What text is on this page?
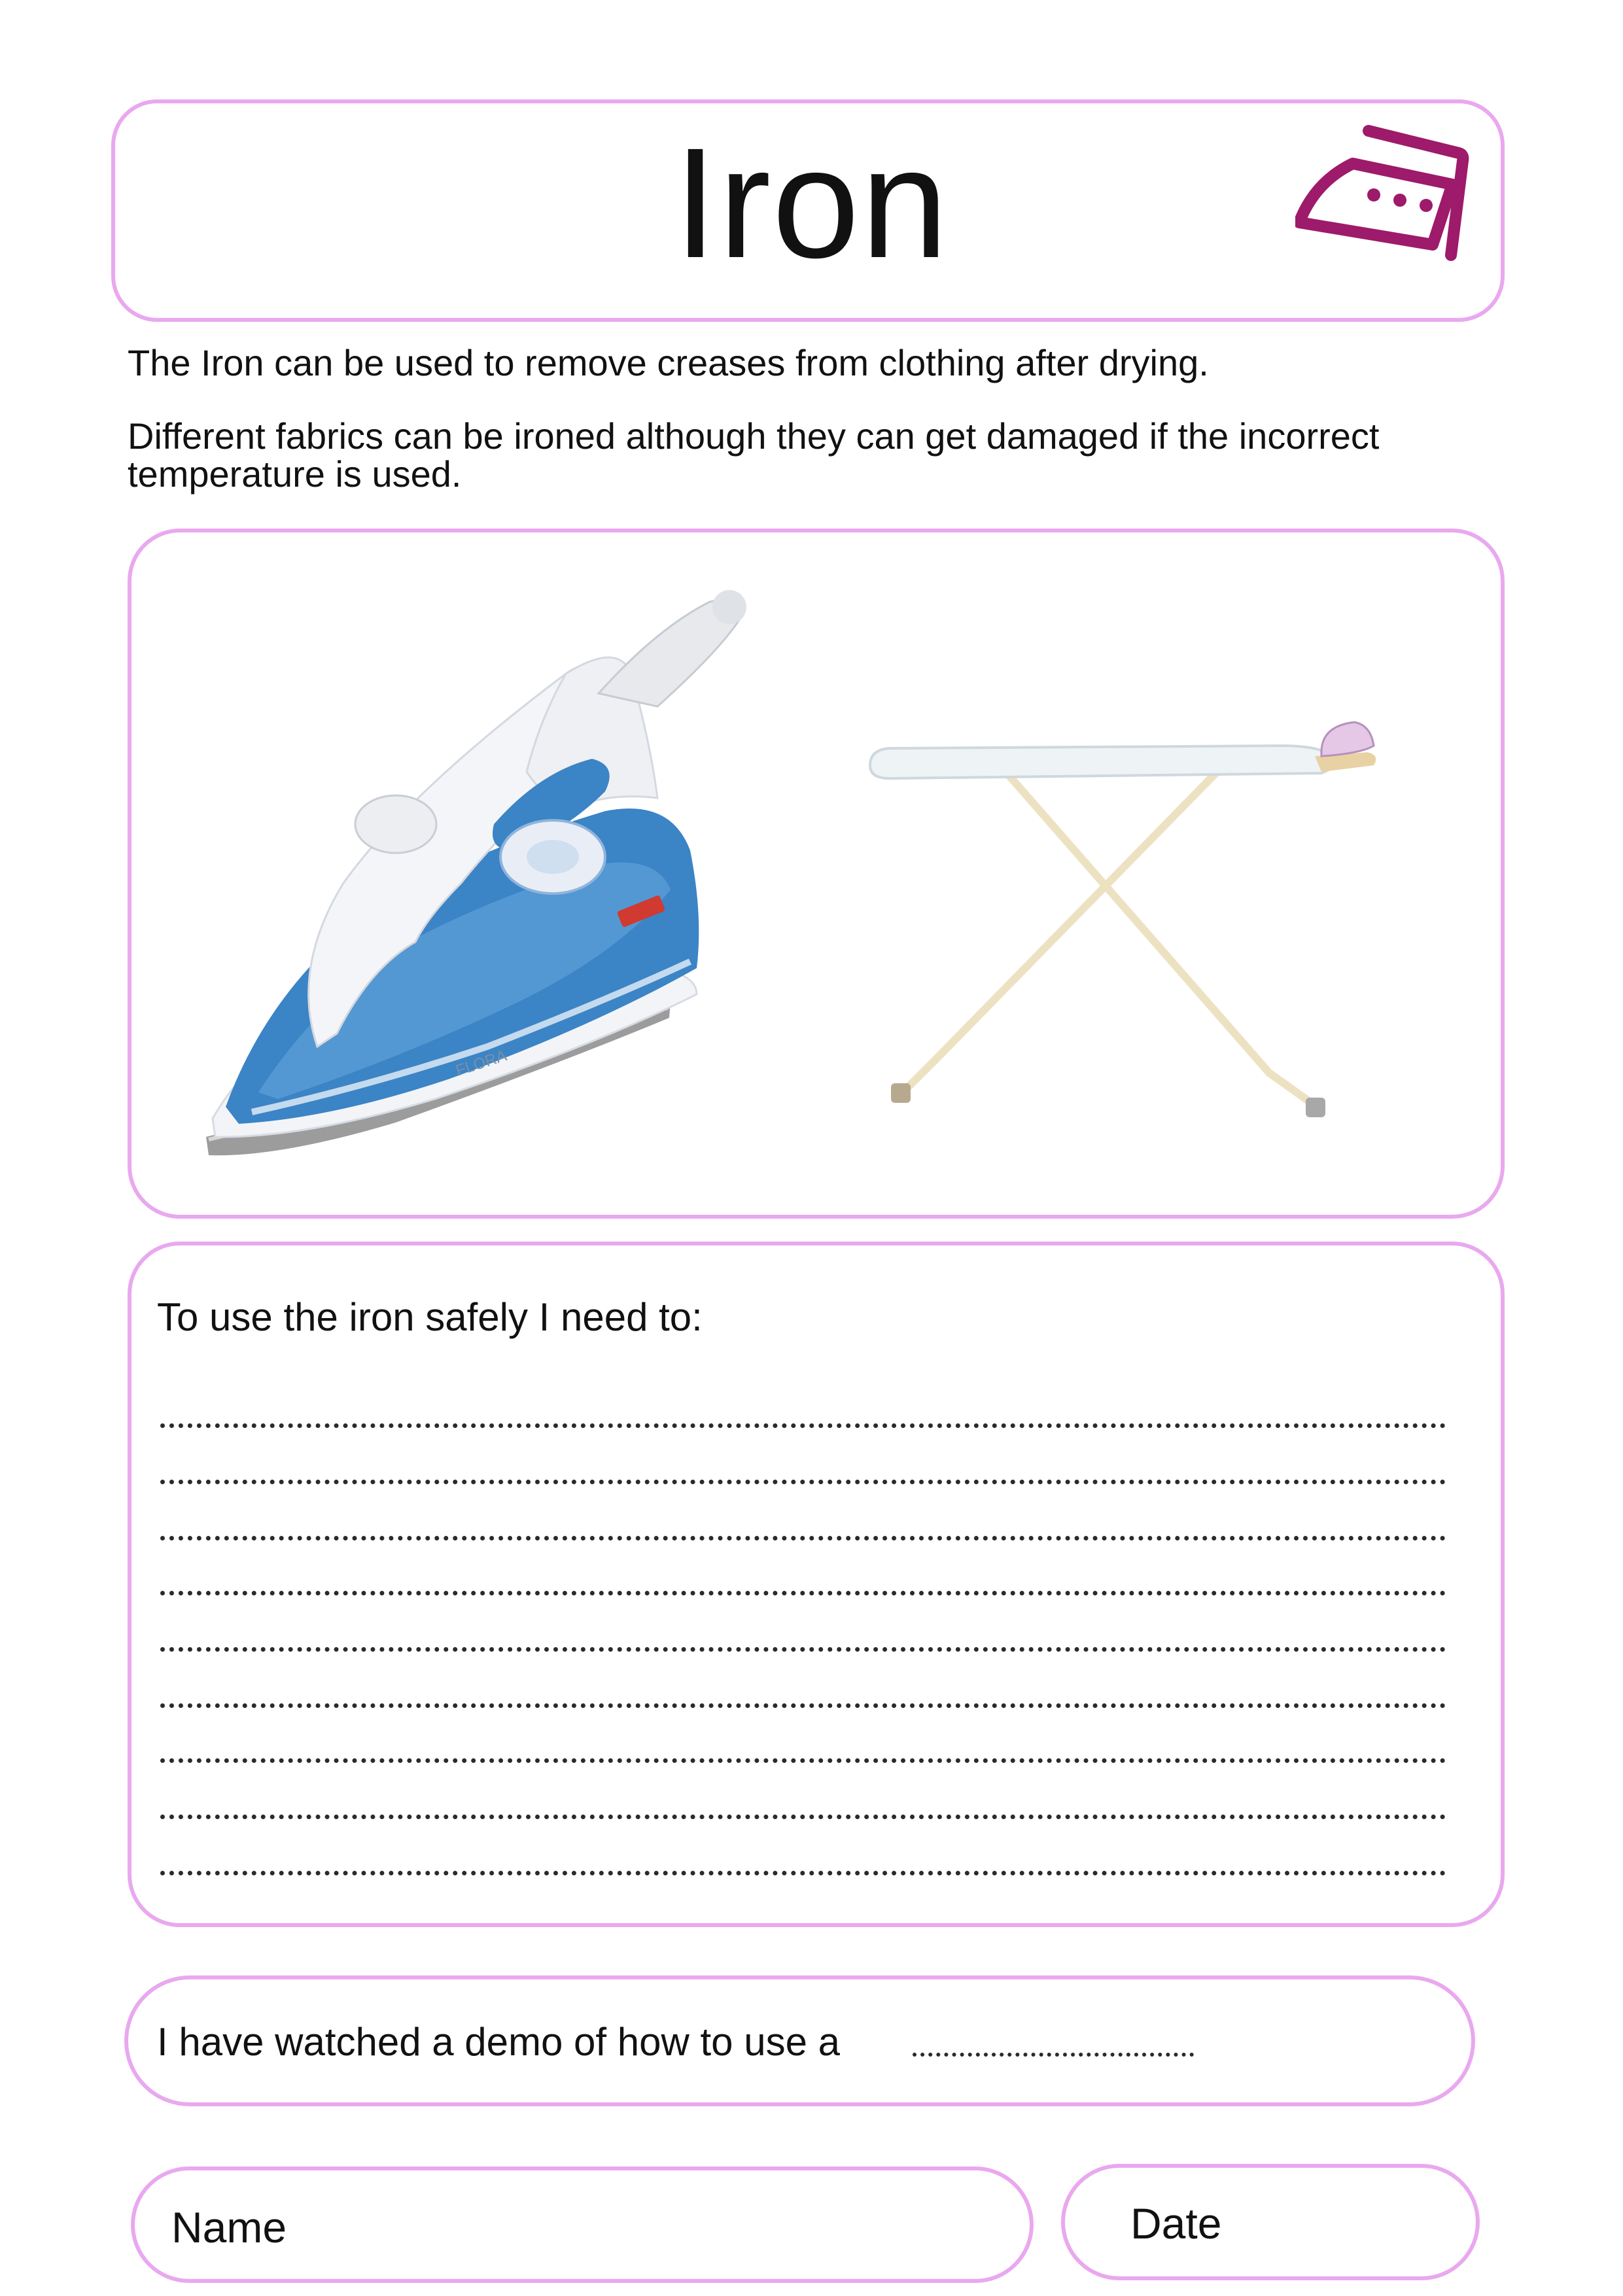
Iron
The Iron can be used to remove creases from clothing after drying.
Different fabrics can be ironed although they can get damaged if the incorrect temperature is used.
FLORA
To use the iron safely I need to:
I have watched a demo of how to use a
Name	Date
